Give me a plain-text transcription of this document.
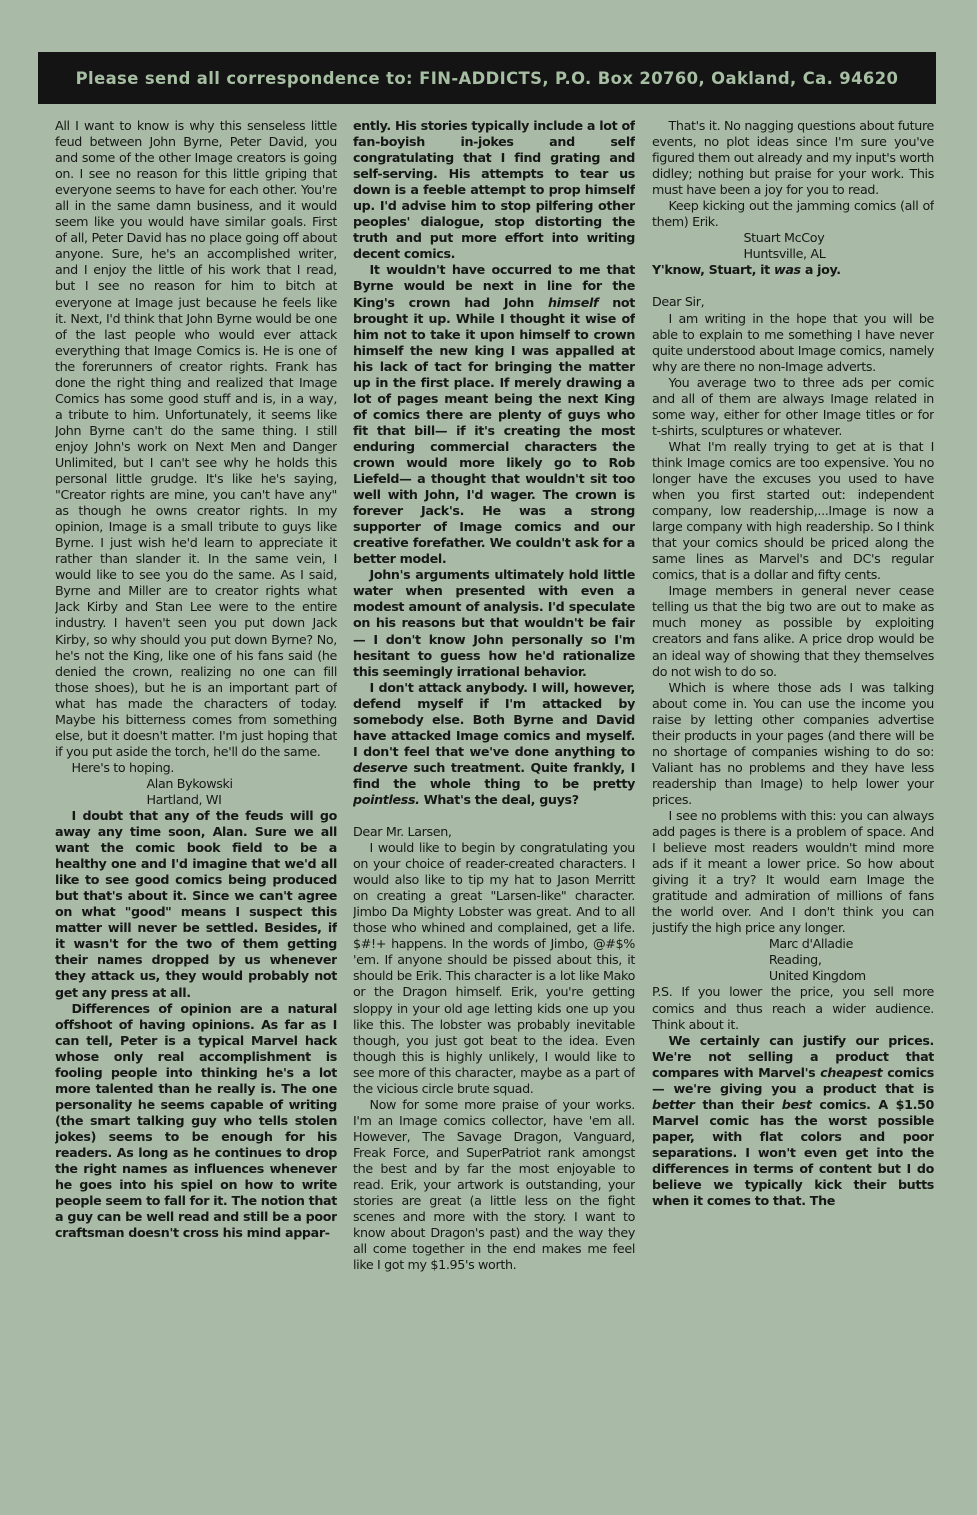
Please send all correspondence to: FIN-ADDICTS, P.O. Box 20760, Oakland, Ca. 94620

All I want to know is why this senseless little feud between John Byrne, Peter David, you and some of the other Image creators is going on. I see no reason for this little griping that everyone seems to have for each other. You're all in the same damn business, and it would seem like you would have similar goals. First of all, Peter David has no place going off about anyone. Sure, he's an accomplished writer, and I enjoy the little of his work that I read, but I see no reason for him to bitch at everyone at Image just because he feels like it. Next, I'd think that John Byrne would be one of the last people who would ever attack everything that Image Comics is. He is one of the forerunners of creator rights. Frank has done the right thing and realized that Image Comics has some good stuff and is, in a way, a tribute to him. Unfortunately, it seems like John Byrne can't do the same thing. I still enjoy John's work on Next Men and Danger Unlimited, but I can't see why he holds this personal little grudge. It's like he's saying, "Creator rights are mine, you can't have any" as though he owns creator rights. In my opinion, Image is a small tribute to guys like Byrne. I just wish he'd learn to appreciate it rather than slander it. In the same vein, I would like to see you do the same. As I said, Byrne and Miller are to creator rights what Jack Kirby and Stan Lee were to the entire industry. I haven't seen you put down Jack Kirby, so why should you put down Byrne? No, he's not the King, like one of his fans said (he denied the crown, realizing no one can fill those shoes), but he is an important part of what has made the characters of today. Maybe his bitterness comes from something else, but it doesn't matter. I'm just hoping that if you put aside the torch, he'll do the same.

Here's to hoping.

Alan Bykowski

Hartland, WI

I doubt that any of the feuds will go away any time soon, Alan. Sure we all want the comic book field to be a healthy one and I'd imagine that we'd all like to see good comics being produced but that's about it. Since we can't agree on what "good" means I suspect this matter will never be settled. Besides, if it wasn't for the two of them getting their names dropped by us whenever they attack us, they would probably not get any press at all.

Differences of opinion are a natural offshoot of having opinions. As far as I can tell, Peter is a typical Marvel hack whose only real accomplishment is fooling people into thinking he's a lot more talented than he really is. The one personality he seems capable of writing (the smart talking guy who tells stolen jokes) seems to be enough for his readers. As long as he continues to drop the right names as influences whenever he goes into his spiel on how to write people seem to fall for it. The notion that a guy can be well read and still be a poor craftsman doesn't cross his mind appar-

ently. His stories typically include a lot of fan-boyish in-jokes and self congratulating that I find grating and self-serving. His attempts to tear us down is a feeble attempt to prop himself up. I'd advise him to stop pilfering other peoples' dialogue, stop distorting the truth and put more effort into writing decent comics.

It wouldn't have occurred to me that Byrne would be next in line for the King's crown had John himself not brought it up. While I thought it wise of him not to take it upon himself to crown himself the new king I was appalled at his lack of tact for bringing the matter up in the first place. If merely drawing a lot of pages meant being the next King of comics there are plenty of guys who fit that bill— if it's creating the most enduring commercial characters the crown would more likely go to Rob Liefeld— a thought that wouldn't sit too well with John, I'd wager. The crown is forever Jack's. He was a strong supporter of Image comics and our creative forefather. We couldn't ask for a better model.

John's arguments ultimately hold little water when presented with even a modest amount of analysis. I'd speculate on his reasons but that wouldn't be fair— I don't know John personally so I'm hesitant to guess how he'd rationalize this seemingly irrational behavior.

I don't attack anybody. I will, however, defend myself if I'm attacked by somebody else. Both Byrne and David have attacked Image comics and myself. I don't feel that we've done anything to deserve such treatment. Quite frankly, I find the whole thing to be pretty pointless. What's the deal, guys?

Dear Mr. Larsen,

I would like to begin by congratulating you on your choice of reader-created characters. I would also like to tip my hat to Jason Merritt on creating a great "Larsen-like" character. Jimbo Da Mighty Lobster was great. And to all those who whined and complained, get a life. $#!+ happens. In the words of Jimbo, @#$% 'em. If anyone should be pissed about this, it should be Erik. This character is a lot like Mako or the Dragon himself. Erik, you're getting sloppy in your old age letting kids one up you like this. The lobster was probably inevitable though, you just got beat to the idea. Even though this is highly unlikely, I would like to see more of this character, maybe as a part of the vicious circle brute squad.

Now for some more praise of your works. I'm an Image comics collector, have 'em all. However, The Savage Dragon, Vanguard, Freak Force, and SuperPatriot rank amongst the best and by far the most enjoyable to read. Erik, your artwork is outstanding, your stories are great (a little less on the fight scenes and more with the story. I want to know about Dragon's past) and the way they all come together in the end makes me feel like I got my $1.95's worth.

That's it. No nagging questions about future events, no plot ideas since I'm sure you've figured them out already and my input's worth didley; nothing but praise for your work. This must have been a joy for you to read.

Keep kicking out the jamming comics (all of them) Erik.

Stuart McCoy

Huntsville, AL

Y'know, Stuart, it was a joy.

Dear Sir,

I am writing in the hope that you will be able to explain to me something I have never quite understood about Image comics, namely why are there no non-Image adverts.

You average two to three ads per comic and all of them are always Image related in some way, either for other Image titles or for t-shirts, sculptures or whatever.

What I'm really trying to get at is that I think Image comics are too expensive. You no longer have the excuses you used to have when you first started out: independent company, low readership,...Image is now a large company with high readership. So I think that your comics should be priced along the same lines as Marvel's and DC's regular comics, that is a dollar and fifty cents.

Image members in general never cease telling us that the big two are out to make as much money as possible by exploiting creators and fans alike. A price drop would be an ideal way of showing that they themselves do not wish to do so.

Which is where those ads I was talking about come in. You can use the income you raise by letting other companies advertise their products in your pages (and there will be no shortage of companies wishing to do so: Valiant has no problems and they have less readership than Image) to help lower your prices.

I see no problems with this: you can always add pages is there is a problem of space. And I believe most readers wouldn't mind more ads if it meant a lower price. So how about giving it a try? It would earn Image the gratitude and admiration of millions of fans the world over. And I don't think you can justify the high price any longer.

Marc d'Alladie

Reading,

United Kingdom

P.S. If you lower the price, you sell more comics and thus reach a wider audience. Think about it.

We certainly can justify our prices. We're not selling a product that compares with Marvel's cheapest comics— we're giving you a product that is better than their best comics. A $1.50 Marvel comic has the worst possible paper, with flat colors and poor separations. I won't even get into the differences in terms of content but I do believe we typically kick their butts when it comes to that. The
